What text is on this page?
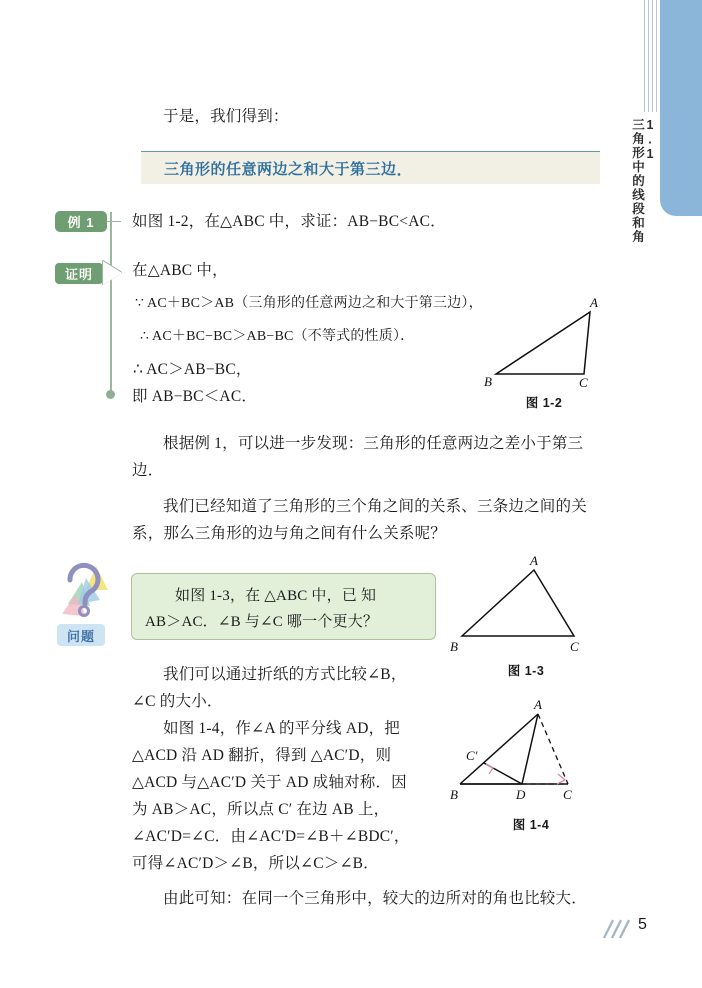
1.1
三角形中的线段和角
于是，我们得到：
三角形的任意两边之和大于第三边 ．
例 1
证明
如图 1‐2，在△ABC 中，求证：AB−BC<AC．
在△ABC 中，
∵ AC＋BC＞AB（三角形的任意两边之和大于第三边），
∴ AC＋BC−BC＞AB−BC（不等式的性质）．
∴ AC＞AB−BC，
即 AB−BC＜AC．
A
B	C
图 1‐2
根据例 1，可以进一步发现：三角形的任意两边之差小于第三边．
我们已经知道了三角形的三个角之间的关系、三条边之间的关系，那么三角形的边与角之间有什么关系呢？
问题
如图 1‐3，在 △ABC 中，已 知
AB＞AC．∠B 与∠C 哪一个更大？
A
B	C
图 1‐3
A
B	D	C
C′
图 1‐4
我们可以通过折纸的方式比较∠B，
∠C 的大小．
如图 1‐4，作∠A 的平分线 AD，把
△ACD 沿 AD 翻折，得到 △AC′D，则
△ACD 与△AC′D 关于 AD 成轴对称．因
为 AB＞AC，所以点 C′ 在边 AB 上，
∠AC′D=∠C．由∠AC′D=∠B＋∠BDC′，
可得∠AC′D＞∠B，所以∠C＞∠B．
由此可知：在同一个三角形中，较大的边所对的角也比较大．
5
